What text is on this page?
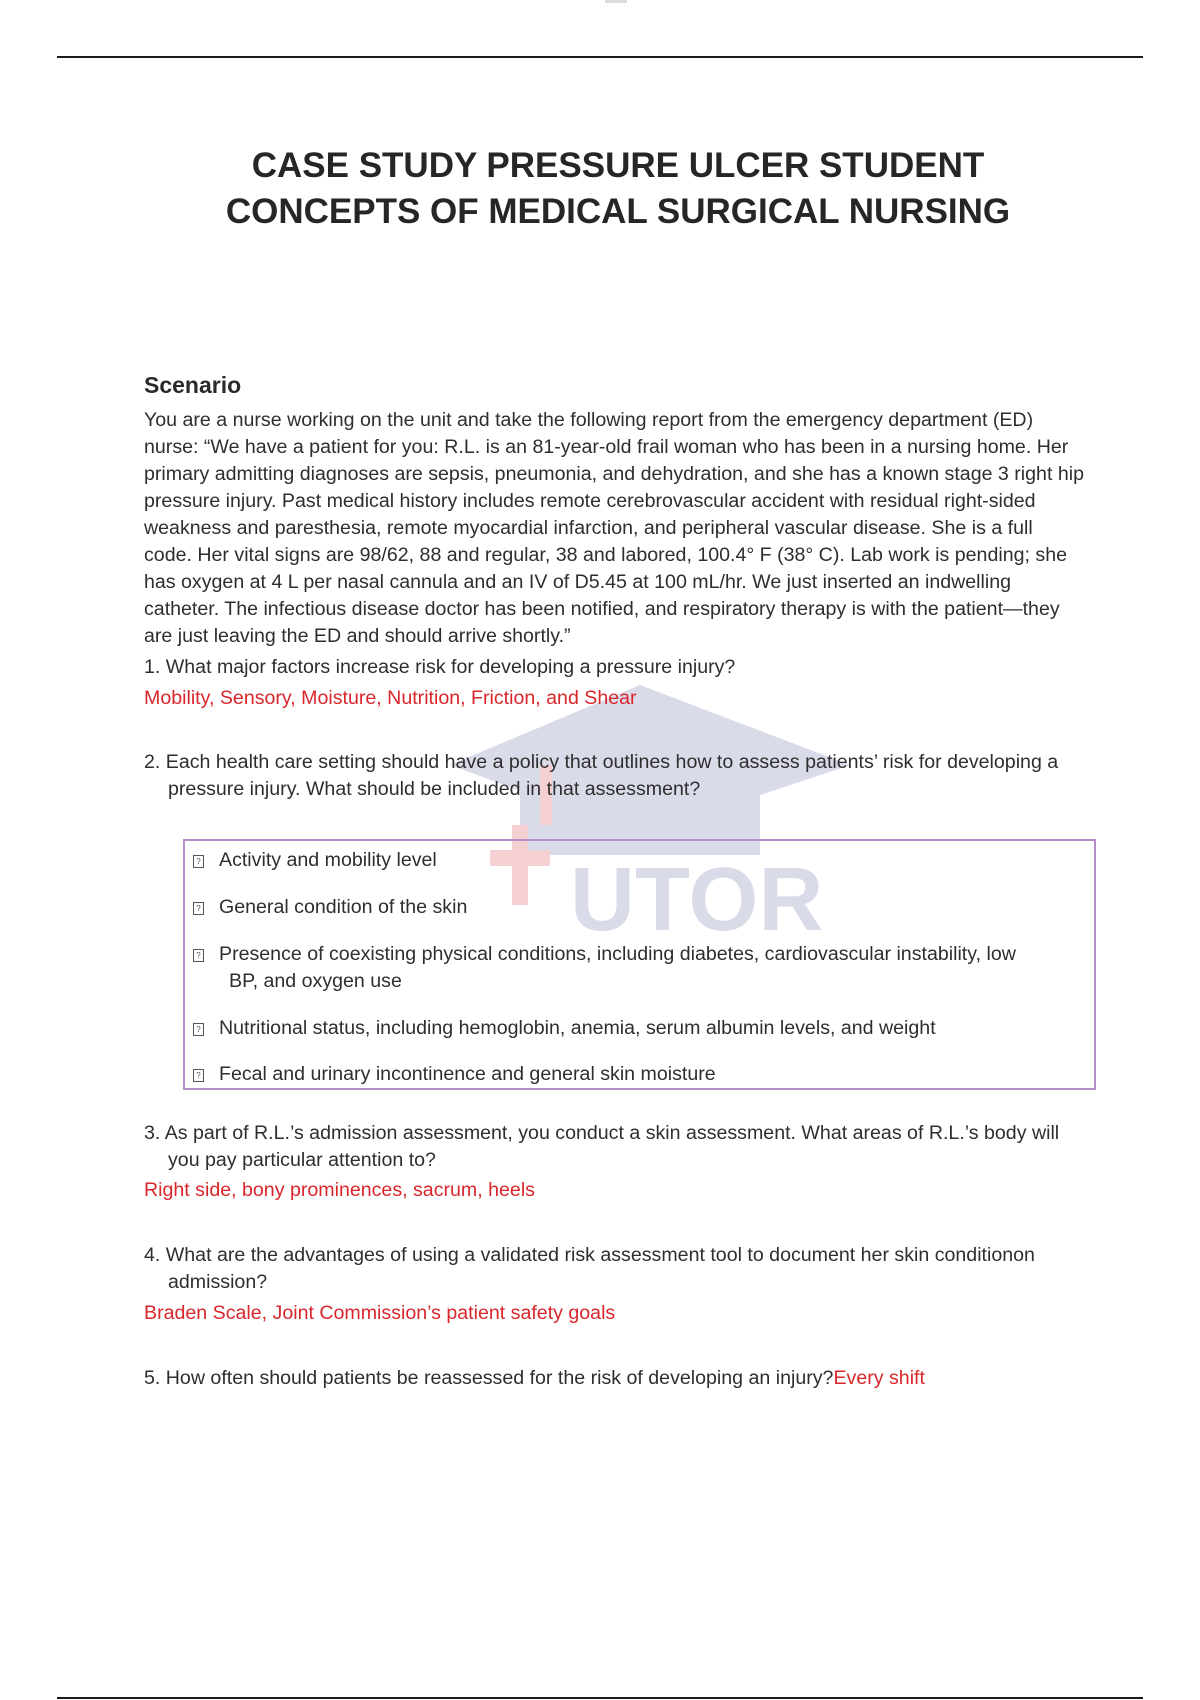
CASE STUDY PRESSURE ULCER STUDENT
CONCEPTS OF MEDICAL SURGICAL NURSING
UTOR

Scenario

You are a nurse working on the unit and take the following report from the emergency department (ED) nurse: “We have a patient for you: R.L. is an 81-year-old frail woman who has been in a nursing home. Her primary admitting diagnoses are sepsis, pneumonia, and dehydration, and she has a known stage 3 right hip pressure injury. Past medical history includes remote cerebrovascular accident with residual right-sided weakness and paresthesia, remote myocardial infarction, and peripheral vascular disease. She is a full code. Her vital signs are 98/62, 88 and regular, 38 and labored, 100.4° F (38° C). Lab work is pending; she has oxygen at 4 L per nasal cannula and an IV of D5.45 at 100 mL/hr. We just inserted an indwelling catheter. The infectious disease doctor has been notified, and respiratory therapy is with the patient—they are just leaving the ED and should arrive shortly.”

1. What major factors increase risk for developing a pressure injury?

Mobility, Sensory, Moisture, Nutrition, Friction, and Shear

2. Each health care setting should have a policy that outlines how to assess patients’ risk for developing a pressure injury. What should be included in that assessment?

? Activity and mobility level
? General condition of the skin
? Presence of coexisting physical conditions, including diabetes, cardiovascular instability, low
BP, and oxygen use
? Nutritional status, including hemoglobin, anemia, serum albumin levels, and weight
? Fecal and urinary incontinence and general skin moisture

3. As part of R.L.’s admission assessment, you conduct a skin assessment. What areas of R.L.’s body will you pay particular attention to?

Right side, bony prominences, sacrum, heels

4. What are the advantages of using a validated risk assessment tool to document her skin conditionon admission?

Braden Scale, Joint Commission’s patient safety goals

5. How often should patients be reassessed for the risk of developing an injury?Every shift
